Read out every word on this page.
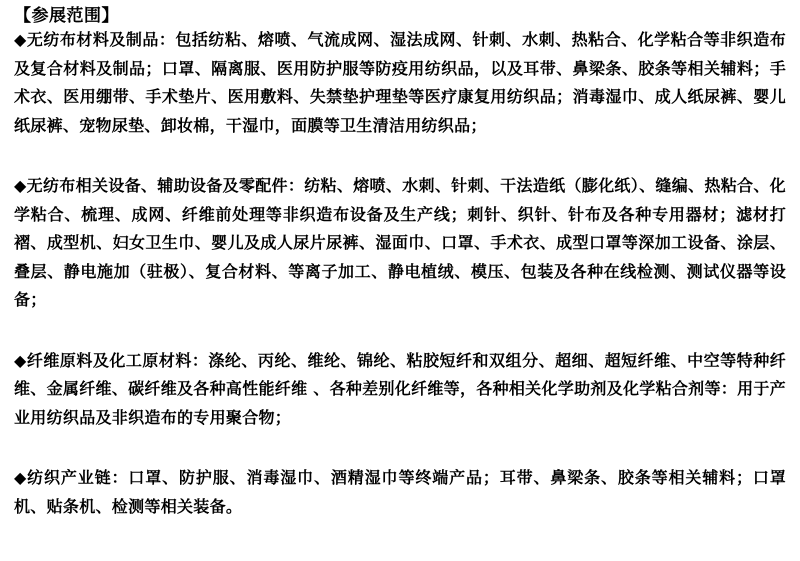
【参展范围】

◆无纺布材料及制品：包括纺粘、熔喷、气流成网、湿法成网、针刺、水刺、热粘合、化学粘合等非织造布及复合材料及制品；口罩、隔离服、医用防护服等防疫用纺织品，以及耳带、鼻梁条、胶条等相关辅料；手术衣、医用绷带、手术垫片、医用敷料、失禁垫护理垫等医疗康复用纺织品；消毒湿巾、成人纸尿裤、婴儿纸尿裤、宠物尿垫、卸妆棉，干湿巾，面膜等卫生清洁用纺织品；

◆无纺布相关设备、辅助设备及零配件：纺粘、熔喷、水刺、针刺、干法造纸（膨化纸）、缝编、热粘合、化学粘合、梳理、成网、纤维前处理等非织造布设备及生产线；刺针、织针、针布及各种专用器材；滤材打褶、成型机、妇女卫生巾、婴儿及成人尿片尿裤、湿面巾、口罩、手术衣、成型口罩等深加工设备、涂层、叠层、静电施加（驻极）、复合材料、等离子加工、静电植绒、模压、包装及各种在线检测、测试仪器等设备；

◆纤维原料及化工原材料：涤纶、丙纶、维纶、锦纶、粘胶短纤和双组分、超细、超短纤维、中空等特种纤维、金属纤维、碳纤维及各种高性能纤维 、各种差别化纤维等，各种相关化学助剂及化学粘合剂等：用于产业用纺织品及非织造布的专用聚合物；

◆纺织产业链：口罩、防护服、消毒湿巾、酒精湿巾等终端产品；耳带、鼻梁条、胶条等相关辅料；口罩机、贴条机、检测等相关装备。
